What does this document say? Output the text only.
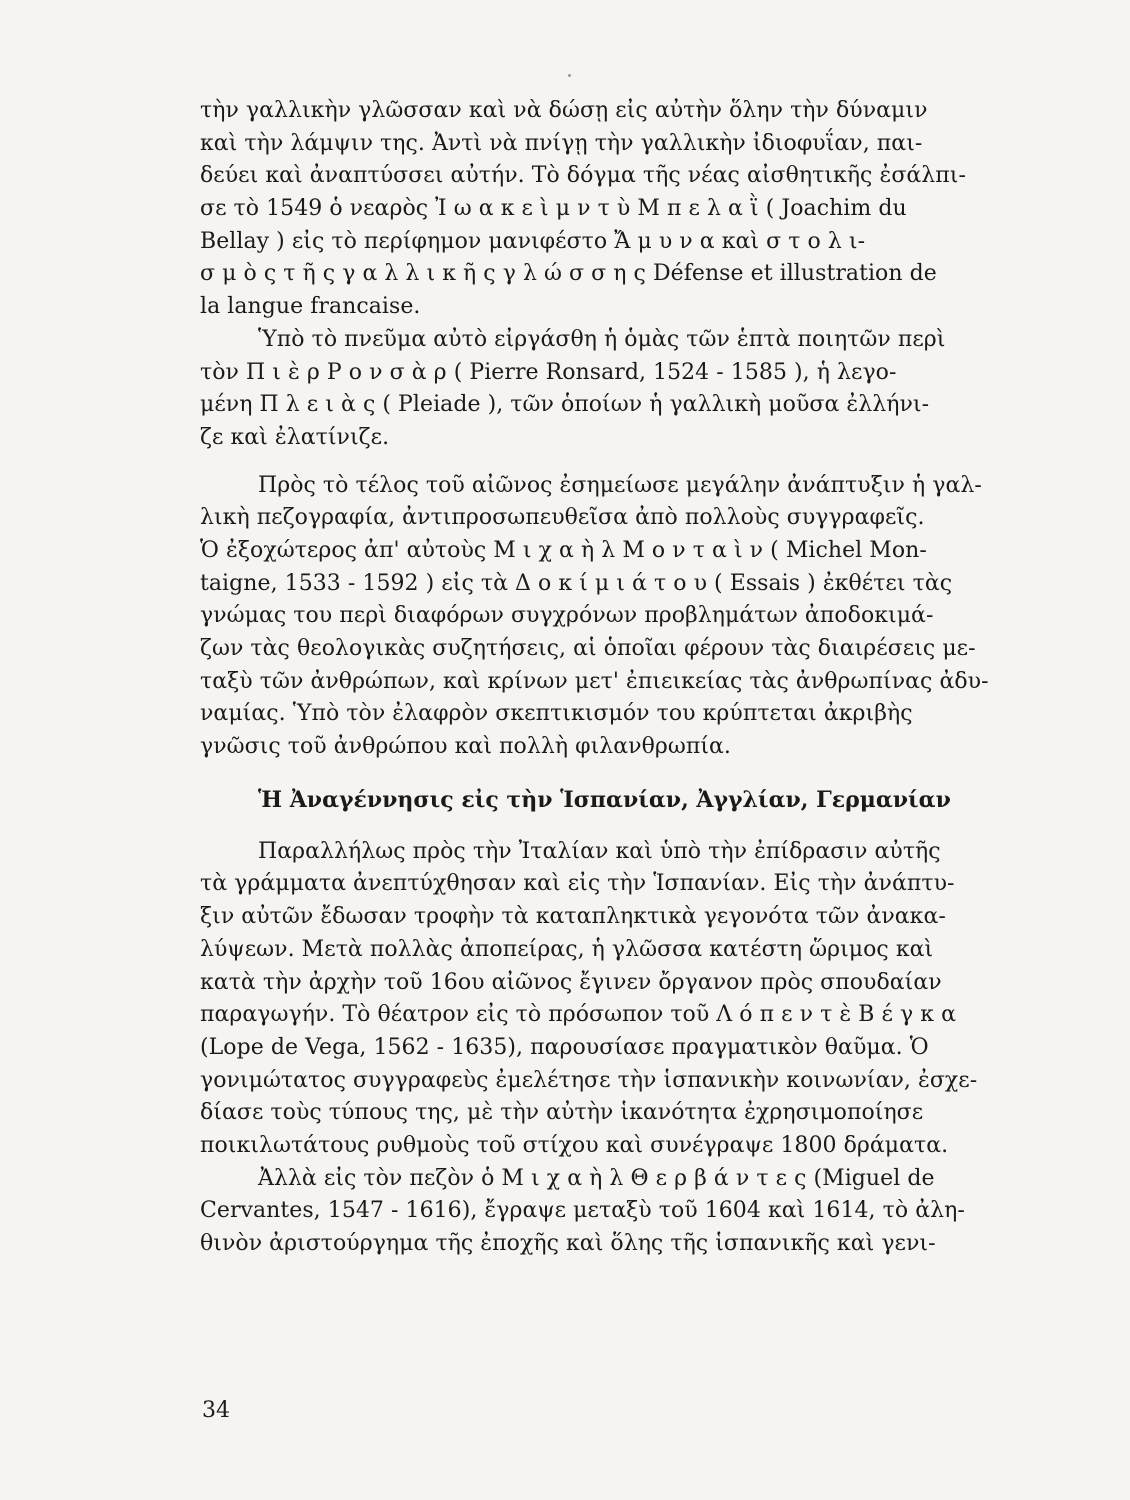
τὴν γαλλικὴν γλῶσσαν καὶ νὰ δώσῃ εἰς αὐτὴν ὅλην τὴν δύναμιν
καὶ τὴν λάμψιν της. Ἀντὶ νὰ πνίγῃ τὴν γαλλικὴν ἰδιοφυΐαν, παι-
δεύει καὶ ἀναπτύσσει αὐτήν. Τὸ δόγμα τῆς νέας αἰσθητικῆς ἐσάλπι-
σε τὸ 1549 ὁ νεαρὸς Ἰ ω α κ ε ὶ μ ν τ ὺ Μ π ε λ α ῒ ( Joachim du
Bellay ) εἰς τὸ περίφημον μανιφέστο Ἄ μ υ ν α καὶ σ τ ο λ ι-
σ μ ὸ ς τ ῆ ς γ α λ λ ι κ ῆ ς γ λ ώ σ σ η ς Défense et illustration de
la langue francaise.
Ὑπὸ τὸ πνεῦμα αὐτὸ εἰργάσθη ἡ ὁμὰς τῶν ἑπτὰ ποιητῶν περὶ
τὸν Π ι ὲ ρ Ρ ο ν σ ὰ ρ ( Pierre Ronsard, 1524 - 1585 ), ἡ λεγο-
μένη Π λ ε ι ὰ ς ( Pleiade ), τῶν ὁποίων ἡ γαλλικὴ μοῦσα ἐλλήνι-
ζε καὶ ἐλατίνιζε.
Πρὸς τὸ τέλος τοῦ αἰῶνος ἐσημείωσε μεγάλην ἀνάπτυξιν ἡ γαλ-
λικὴ πεζογραφία, ἀντιπροσωπευθεῖσα ἀπὸ πολλοὺς συγγραφεῖς.
Ὁ ἐξοχώτερος ἀπ' αὐτοὺς Μ ι χ α ὴ λ Μ ο ν τ α ὶ ν ( Michel Mon-
taigne, 1533 - 1592 ) εἰς τὰ Δ ο κ ί μ ι ά τ ο υ ( Essais ) ἐκθέτει τὰς
γνώμας του περὶ διαφόρων συγχρόνων προβλημάτων ἀποδοκιμά-
ζων τὰς θεολογικὰς συζητήσεις, αἱ ὁποῖαι φέρουν τὰς διαιρέσεις με-
ταξὺ τῶν ἀνθρώπων, καὶ κρίνων μετ' ἐπιεικείας τὰς ἀνθρωπίνας ἀδυ-
ναμίας. Ὑπὸ τὸν ἐλαφρὸν σκεπτικισμόν του κρύπτεται ἀκριβὴς
γνῶσις τοῦ ἀνθρώπου καὶ πολλὴ φιλανθρωπία.
Ἡ Ἀναγέννησις εἰς τὴν Ἱσπανίαν, Ἀγγλίαν, Γερμανίαν
Παραλλήλως πρὸς τὴν Ἰταλίαν καὶ ὑπὸ τὴν ἐπίδρασιν αὐτῆς
τὰ γράμματα ἀνεπτύχθησαν καὶ εἰς τὴν Ἱσπανίαν. Εἰς τὴν ἀνάπτυ-
ξιν αὐτῶν ἔδωσαν τροφὴν τὰ καταπληκτικὰ γεγονότα τῶν ἀνακα-
λύψεων. Μετὰ πολλὰς ἀποπείρας, ἡ γλῶσσα κατέστη ὥριμος καὶ
κατὰ τὴν ἀρχὴν τοῦ 16ου αἰῶνος ἔγινεν ὄργανον πρὸς σπουδαίαν
παραγωγήν. Τὸ θέατρον εἰς τὸ πρόσωπον τοῦ Λ ό π ε ν τ ὲ Β έ γ κ α
(Lope de Vega, 1562 - 1635), παρουσίασε πραγματικὸν θαῦμα. Ὁ
γονιμώτατος συγγραφεὺς ἐμελέτησε τὴν ἱσπανικὴν κοινωνίαν, ἐσχε-
δίασε τοὺς τύπους της, μὲ τὴν αὐτὴν ἱκανότητα ἐχρησιμοποίησε
ποικιλωτάτους ρυθμοὺς τοῦ στίχου καὶ συνέγραψε 1800 δράματα.
Ἀλλὰ εἰς τὸν πεζὸν ὁ Μ ι χ α ὴ λ Θ ε ρ β ά ν τ ε ς (Miguel de
Cervantes, 1547 - 1616), ἔγραψε μεταξὺ τοῦ 1604 καὶ 1614, τὸ ἀλη-
θινὸν ἀριστούργημα τῆς ἐποχῆς καὶ ὅλης τῆς ἱσπανικῆς καὶ γενι-
34
